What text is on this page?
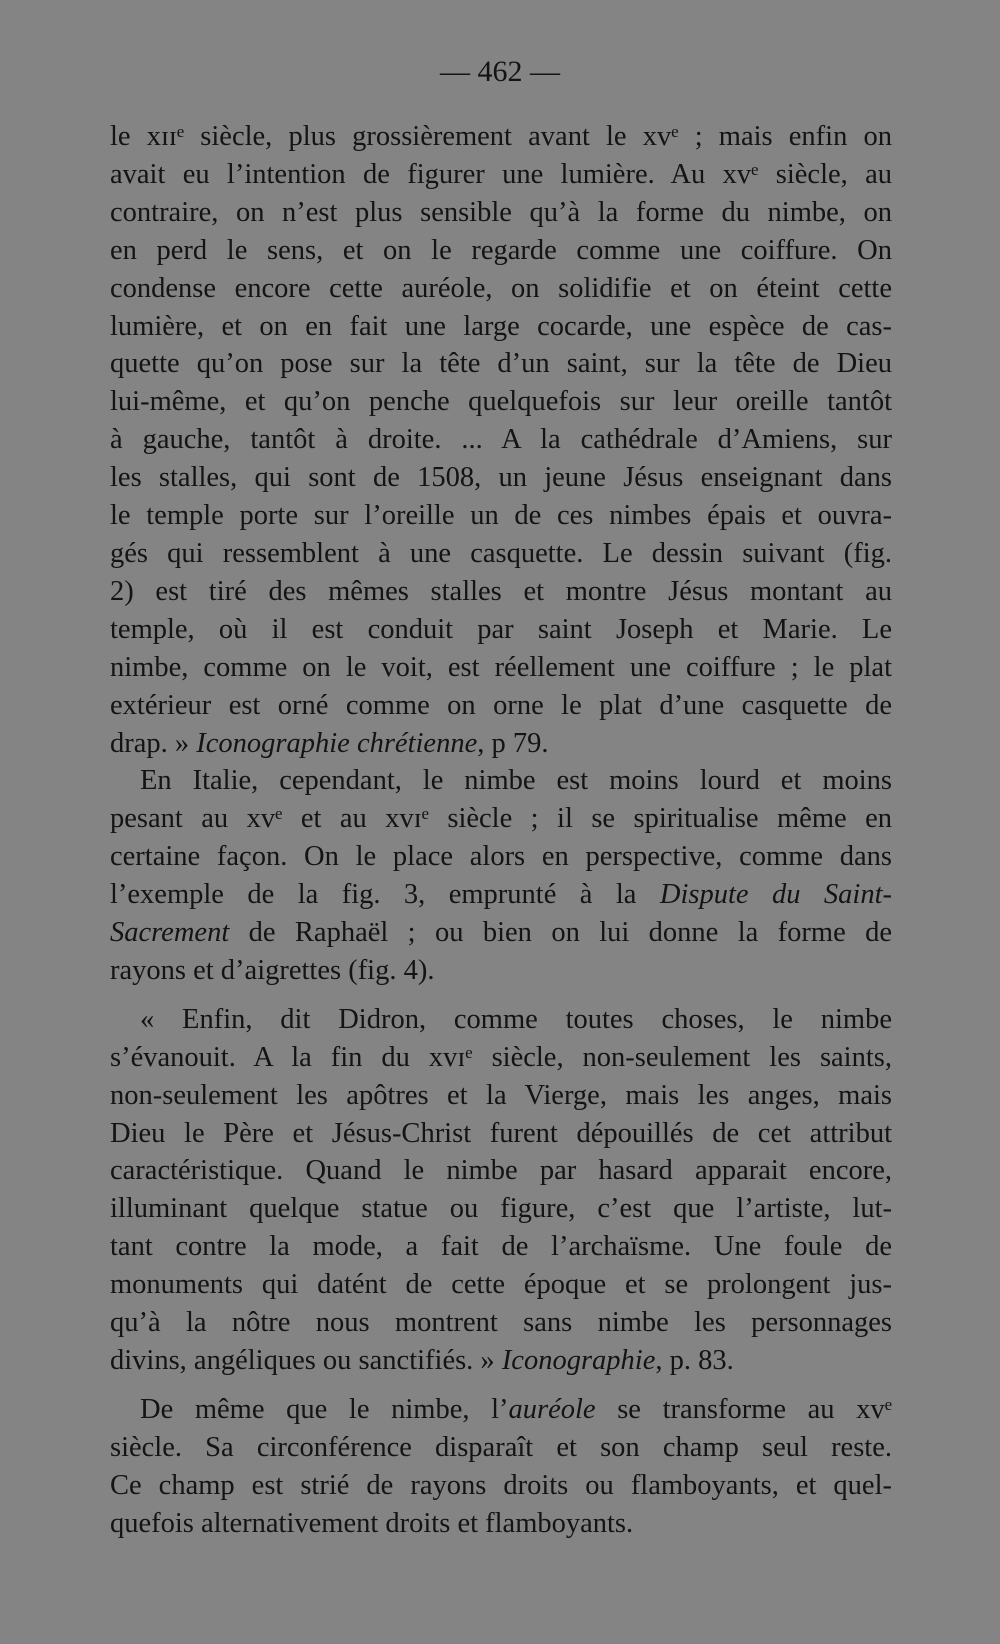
— 462 —

le xɪɪᵉ siècle, plus grossièrement avant le xvᵉ ; mais enfin on
avait eu l’intention de figurer une lumière. Au xvᵉ siècle, au
contraire, on n’est plus sensible qu’à la forme du nimbe, on
en perd le sens, et on le regarde comme une coiffure. On
condense encore cette auréole, on solidifie et on éteint cette
lumière, et on en fait une large cocarde, une espèce de cas-
quette qu’on pose sur la tête d’un saint, sur la tête de Dieu
lui-même, et qu’on penche quelquefois sur leur oreille tantôt
à gauche, tantôt à droite. ... A la cathédrale d’Amiens, sur
les stalles, qui sont de 1508, un jeune Jésus enseignant dans
le temple porte sur l’oreille un de ces nimbes épais et ouvra-
gés qui ressemblent à une casquette. Le dessin suivant (fig.
2) est tiré des mêmes stalles et montre Jésus montant au
temple, où il est conduit par saint Joseph et Marie. Le
nimbe, comme on le voit, est réellement une coiffure ; le plat
extérieur est orné comme on orne le plat d’une casquette de
drap. » Iconographie chrétienne, p 79.

En Italie, cependant, le nimbe est moins lourd et moins
pesant au xvᵉ et au xvɪᵉ siècle ; il se spiritualise même en
certaine façon. On le place alors en perspective, comme dans
l’exemple de la fig. 3, emprunté à la Dispute du Saint-
Sacrement de Raphaël ; ou bien on lui donne la forme de
rayons et d’aigrettes (fig. 4).

« Enfin, dit Didron, comme toutes choses, le nimbe
s’évanouit. A la fin du xvɪᵉ siècle, non-seulement les saints,
non-seulement les apôtres et la Vierge, mais les anges, mais
Dieu le Père et Jésus-Christ furent dépouillés de cet attribut
caractéristique. Quand le nimbe par hasard apparait encore,
illuminant quelque statue ou figure, c’est que l’artiste, lut-
tant contre la mode, a fait de l’archaïsme. Une foule de
monuments qui datént de cette époque et se prolongent jus-
qu’à la nôtre nous montrent sans nimbe les personnages
divins, angéliques ou sanctifiés. » Iconographie, p. 83.

De même que le nimbe, l’auréole se transforme au xvᵉ
siècle. Sa circonférence disparaît et son champ seul reste.
Ce champ est strié de rayons droits ou flamboyants, et quel-
quefois alternativement droits et flamboyants.
